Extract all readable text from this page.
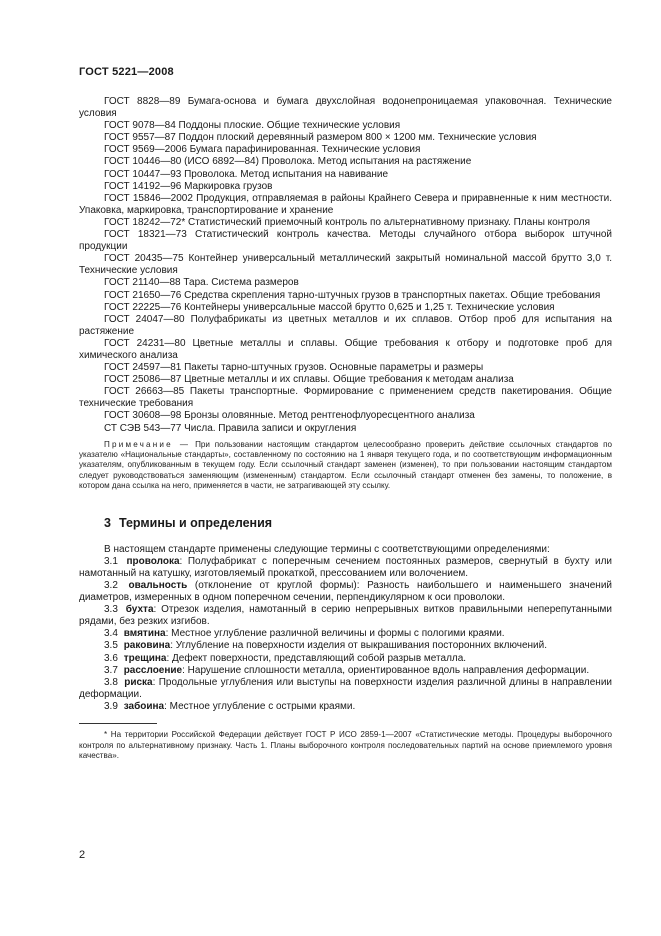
ГОСТ 5221—2008

ГОСТ 8828—89 Бумага-основа и бумага двухслойная водонепроницаемая упаковочная. Технические условия

ГОСТ 9078—84 Поддоны плоские. Общие технические условия

ГОСТ 9557—87 Поддон плоский деревянный размером 800 × 1200 мм. Технические условия

ГОСТ 9569—2006 Бумага парафинированная. Технические условия

ГОСТ 10446—80 (ИСО 6892—84) Проволока. Метод испытания на растяжение

ГОСТ 10447—93 Проволока. Метод испытания на навивание

ГОСТ 14192—96 Маркировка грузов

ГОСТ 15846—2002 Продукция, отправляемая в районы Крайнего Севера и приравненные к ним местности. Упаковка, маркировка, транспортирование и хранение

ГОСТ 18242—72* Статистический приемочный контроль по альтернативному признаку. Планы контроля

ГОСТ 18321—73 Статистический контроль качества. Методы случайного отбора выборок штучной продукции

ГОСТ 20435—75 Контейнер универсальный металлический закрытый номинальной массой брутто 3,0 т. Технические условия

ГОСТ 21140—88 Тара. Система размеров

ГОСТ 21650—76 Средства скрепления тарно-штучных грузов в транспортных пакетах. Общие требования

ГОСТ 22225—76 Контейнеры универсальные массой брутто 0,625 и 1,25 т. Технические условия

ГОСТ 24047—80 Полуфабрикаты из цветных металлов и их сплавов. Отбор проб для испытания на растяжение

ГОСТ 24231—80 Цветные металлы и сплавы. Общие требования к отбору и подготовке проб для химического анализа

ГОСТ 24597—81 Пакеты тарно-штучных грузов. Основные параметры и размеры

ГОСТ 25086—87 Цветные металлы и их сплавы. Общие требования к методам анализа

ГОСТ 26663—85 Пакеты транспортные. Формирование с применением средств пакетирования. Общие технические требования

ГОСТ 30608—98 Бронзы оловянные. Метод рентгенофлуоресцентного анализа

СТ СЭВ 543—77 Числа. Правила записи и округления

Примечание — При пользовании настоящим стандартом целесообразно проверить действие ссылочных стандартов по указателю «Национальные стандарты», составленному по состоянию на 1 января текущего года, и по соответствующим информационным указателям, опубликованным в текущем году. Если ссылочный стандарт заменен (изменен), то при пользовании настоящим стандартом следует руководствоваться заменяющим (измененным) стандартом. Если ссылочный стандарт отменен без замены, то положение, в котором дана ссылка на него, применяется в части, не затрагивающей эту ссылку.

3 Термины и определения

В настоящем стандарте применены следующие термины с соответствующими определениями:

3.1 проволока: Полуфабрикат с поперечным сечением постоянных размеров, свернутый в бухту или намотанный на катушку, изготовляемый прокаткой, прессованием или волочением.

3.2 овальность (отклонение от круглой формы): Разность наибольшего и наименьшего значений диаметров, измеренных в одном поперечном сечении, перпендикулярном к оси проволоки.

3.3 бухта: Отрезок изделия, намотанный в серию непрерывных витков правильными неперепутанными рядами, без резких изгибов.

3.4 вмятина: Местное углубление различной величины и формы с пологими краями.

3.5 раковина: Углубление на поверхности изделия от выкрашивания посторонних включений.

3.6 трещина: Дефект поверхности, представляющий собой разрыв металла.

3.7 расслоение: Нарушение сплошности металла, ориентированное вдоль направления деформации.

3.8 риска: Продольные углубления или выступы на поверхности изделия различной длины в направлении деформации.

3.9 забоина: Местное углубление с острыми краями.

* На территории Российской Федерации действует ГОСТ Р ИСО 2859-1—2007 «Статистические методы. Процедуры выборочного контроля по альтернативному признаку. Часть 1. Планы выборочного контроля последовательных партий на основе приемлемого уровня качества».

2
